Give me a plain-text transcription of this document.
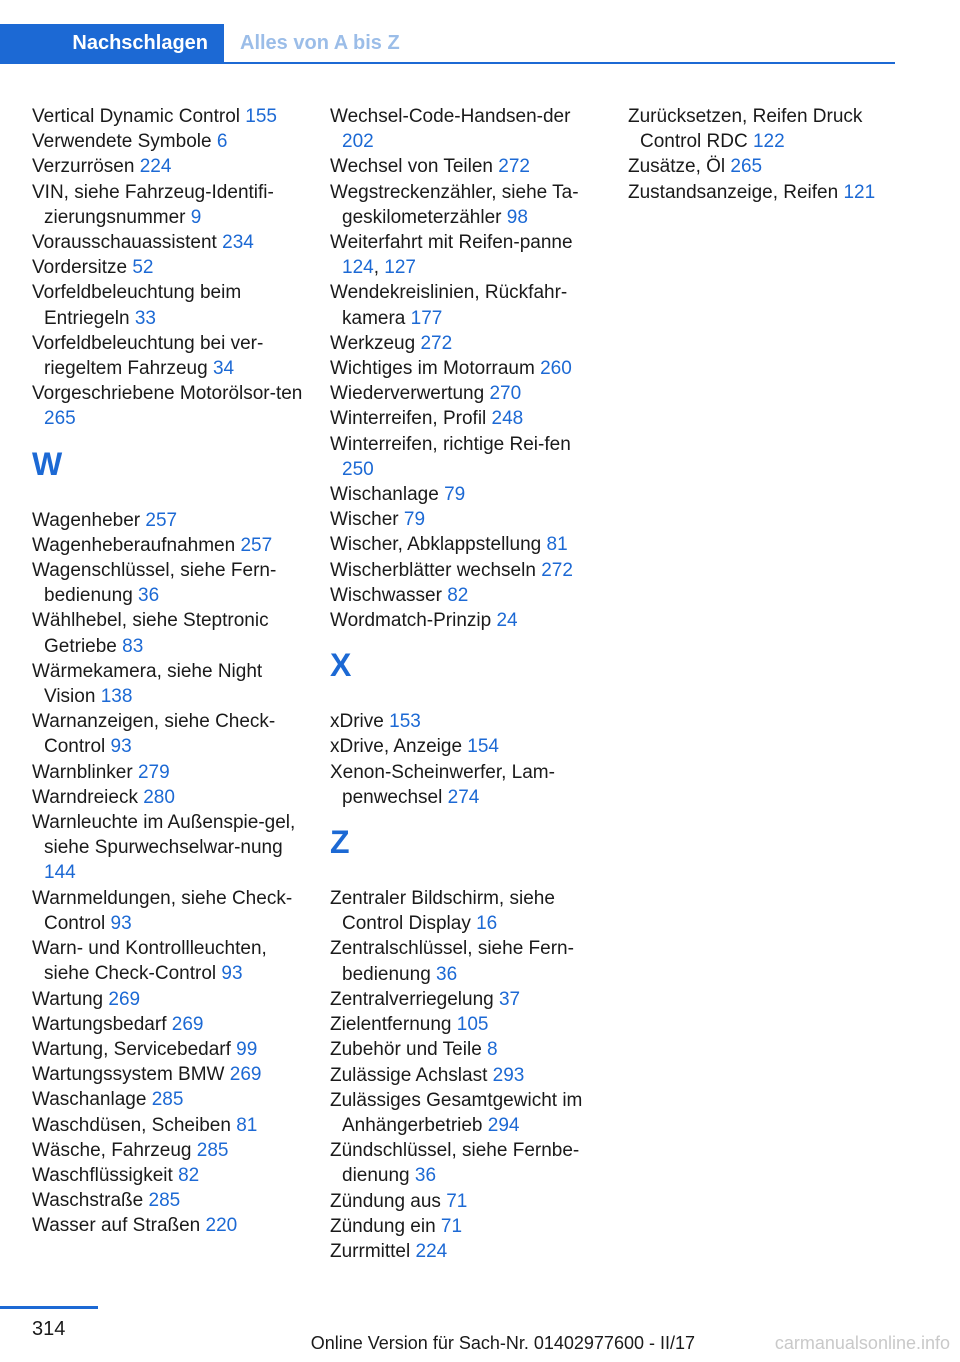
Nachschlagen	Alles von A bis Z
Vertical Dynamic Control 155
Verwendete Symbole 6
Verzurrösen 224
VIN, siehe Fahrzeug-Identifi‐zierungsnummer 9
Vorausschauassistent 234
Vordersitze 52
Vorfeldbeleuchtung beim Entriegeln 33
Vorfeldbeleuchtung bei ver‐riegeltem Fahrzeug 34
Vorgeschriebene Motorölsor‐ten 265
W
Wagenheber 257
Wagenheberaufnahmen 257
Wagenschlüssel, siehe Fern‐bedienung 36
Wählhebel, siehe Steptronic Getriebe 83
Wärmekamera, siehe Night Vision 138
Warnanzeigen, siehe Check-Control 93
Warnblinker 279
Warndreieck 280
Warnleuchte im Außenspie‐gel, siehe Spurwechselwar‐nung 144
Warnmeldungen, siehe Check-Control 93
Warn- und Kontrollleuchten, siehe Check-Control 93
Wartung 269
Wartungsbedarf 269
Wartung, Servicebedarf 99
Wartungssystem BMW 269
Waschanlage 285
Waschdüsen, Scheiben 81
Wäsche, Fahrzeug 285
Waschflüssigkeit 82
Waschstraße 285
Wasser auf Straßen 220
Wechsel-Code-Handsen‐der 202
Wechsel von Teilen 272
Wegstreckenzähler, siehe Ta‐geskilometerzähler 98
Weiterfahrt mit Reifen‐panne 124, 127
Wendekreislinien, Rückfahr‐kamera 177
Werkzeug 272
Wichtiges im Motorraum 260
Wiederverwertung 270
Winterreifen, Profil 248
Winterreifen, richtige Rei‐fen 250
Wischanlage 79
Wischer 79
Wischer, Abklappstellung 81
Wischerblätter wechseln 272
Wischwasser 82
Wordmatch-Prinzip 24
X
xDrive 153
xDrive, Anzeige 154
Xenon-Scheinwerfer, Lam‐penwechsel 274
Z
Zentraler Bildschirm, siehe Control Display 16
Zentralschlüssel, siehe Fern‐bedienung 36
Zentralverriegelung 37
Zielentfernung 105
Zubehör und Teile 8
Zulässige Achslast 293
Zulässiges Gesamtgewicht im Anhängerbetrieb 294
Zündschlüssel, siehe Fernbe‐dienung 36
Zündung aus 71
Zündung ein 71
Zurrmittel 224
Zurücksetzen, Reifen Druck Control RDC 122
Zusätze, Öl 265
Zustandsanzeige, Reifen 121
314
Online Version für Sach-Nr. 01402977600 - II/17	carmanualsonline.info
